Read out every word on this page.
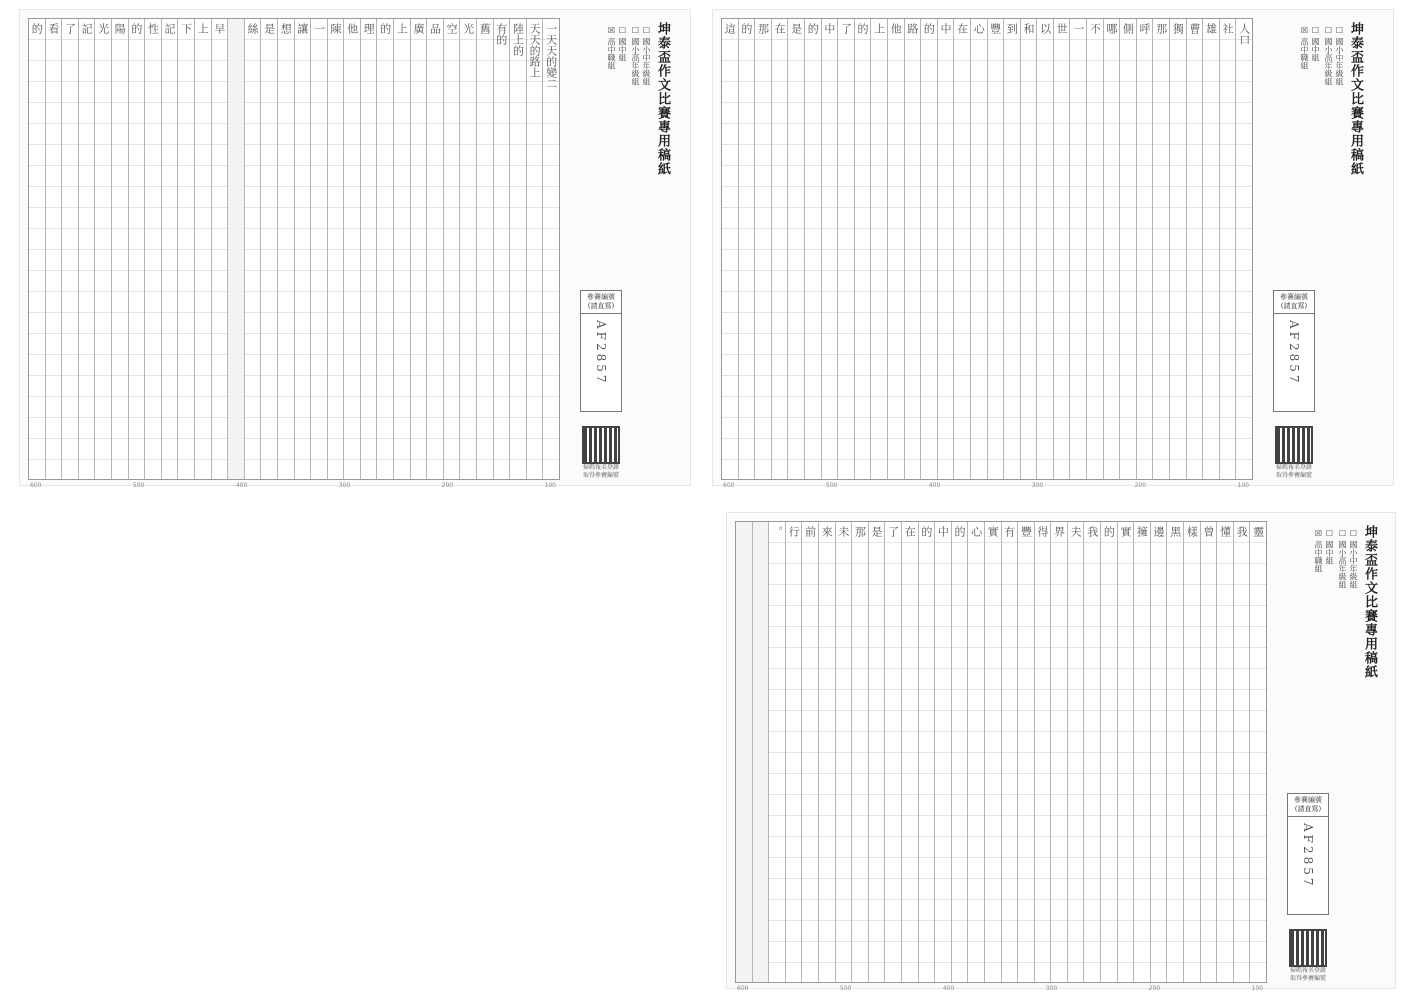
一天天的變二
天天的路上
陸上的
有的
舊
光
空
品
廣
上
的
理
他
陳
一
讓
想
是
絲
早
上
下
記
性
的
陽
光
記
了
看
的
600	500	400	300	200	100
坤泰盃作文比賽專用稿紙
☐ 國小中年級組
☐ 國小高年級組
☐ 國中組
☒ 高中職組
參賽編號
(請直寫)
AF2857
掃碼報名登錄
取得參賽編號
人口
社
雄
曹
獨
那
呼
側
哪
不
一
世
以
和
到
豐
心
在
中
的
路
他
上
的
了
中
的
是
在
那
的
這
600	500	400	300	200	100
坤泰盃作文比賽專用稿紙
☐ 國小中年級組
☐ 國小高年級組
☐ 國中組
☒ 高中職組
參賽編號
(請直寫)
AF2857
掃碼報名登錄
取得參賽編號
靈
我
懂
曾
樣
黑
邊
擁
實
的
我
夫
界
得
豐
有
實
心
的
中
的
在
了
是
那
未
來
前
行
。
600	500	400	300	200	100
坤泰盃作文比賽專用稿紙
☐ 國小中年級組
☐ 國小高年級組
☐ 國中組
☒ 高中職組
參賽編號
(請直寫)
AF2857
掃碼報名登錄
取得參賽編號
